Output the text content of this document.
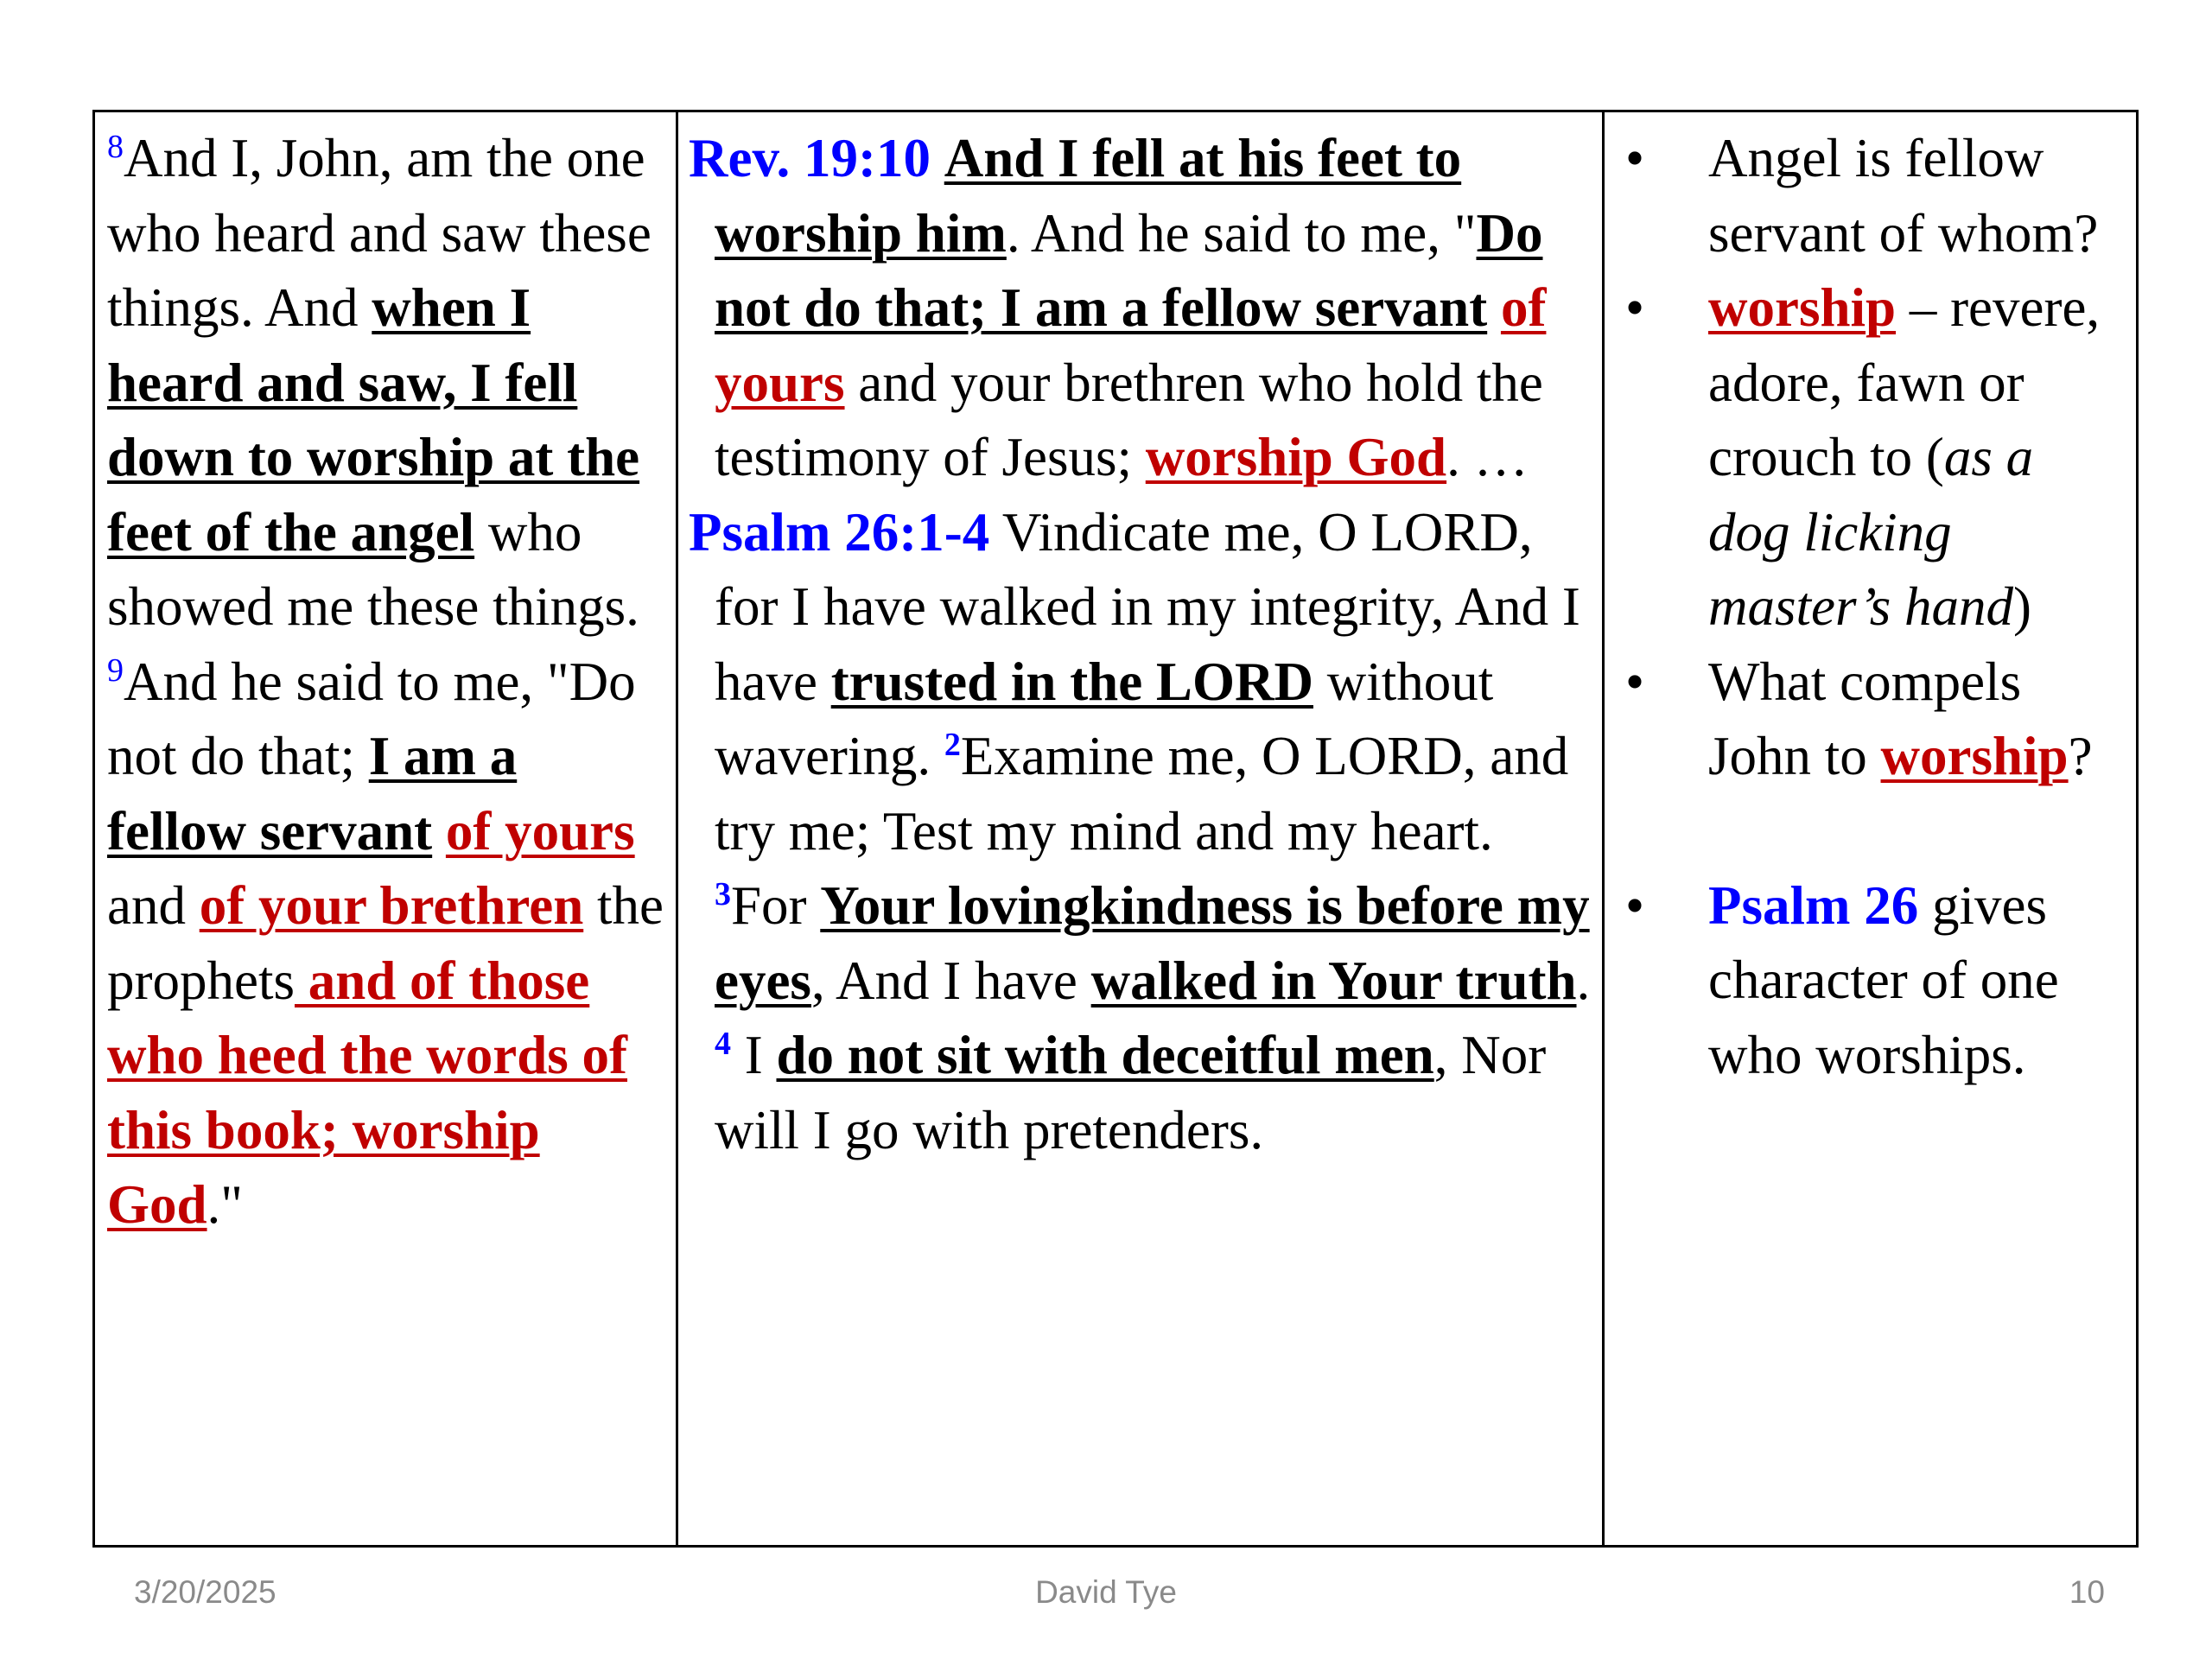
$^8$And I, John, am the one who heard and saw these things. And when I heard and saw, I fell down to worship at the feet of the angel who showed me these things. $^9$And he said to me, "Do not do that; I am a fellow servant of yours and of your brethren the prophets and of those who heed the words of this book; worship God."

Rev. 19:10 And I fell at his feet to worship him. And he said to me, "Do not do that; I am a fellow servant of yours and your brethren who hold the testimony of Jesus; worship God. …

Psalm 26:1-4 Vindicate me, O LORD, for I have walked in my integrity, And I have trusted in the LORD without wavering. $^2$Examine me, O LORD, and try me; Test my mind and my heart. $^3$For Your lovingkindness is before my eyes, And I have walked in Your truth. $^4$ I do not sit with deceitful men, Nor will I go with pretenders.

• Angel is fellow servant of whom?
• worship – revere, adore, fawn or crouch to (as a dog licking master’s hand)
• What compels John to worship?
• Psalm 26 gives character of one who worships.
3/20/2025	David Tye	10
